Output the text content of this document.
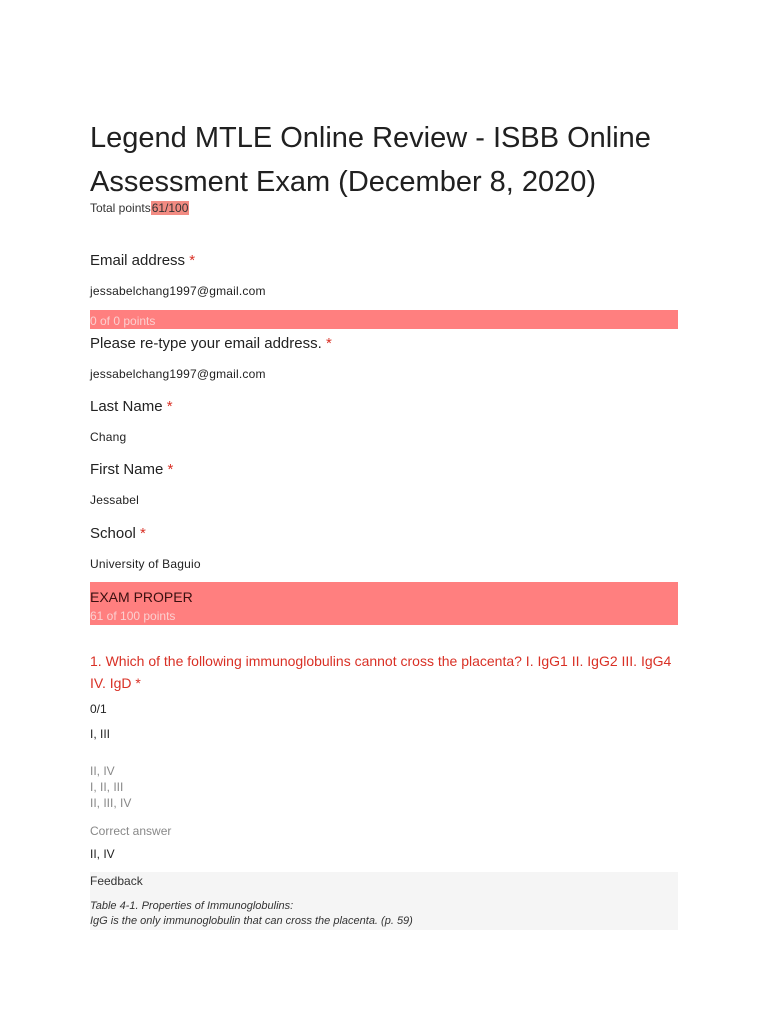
Legend MTLE Online Review - ISBB Online Assessment Exam (December 8, 2020)
Total points61/100
Email address *
jessabelchang1997@gmail.com
0 of 0 points
Please re-type your email address. *
jessabelchang1997@gmail.com
Last Name *
Chang
First Name *
Jessabel
School *
University of Baguio
EXAM PROPER
61 of 100 points
1. Which of the following immunoglobulins cannot cross the placenta? I. IgG1 II. IgG2 III. IgG4 IV. IgD *
0/1
I, III
II, IV
I, II, III
II, III, IV
Correct answer
II, IV
Feedback
Table 4-1. Properties of Immunoglobulins:
IgG is the only immunoglobulin that can cross the placenta. (p. 59)
